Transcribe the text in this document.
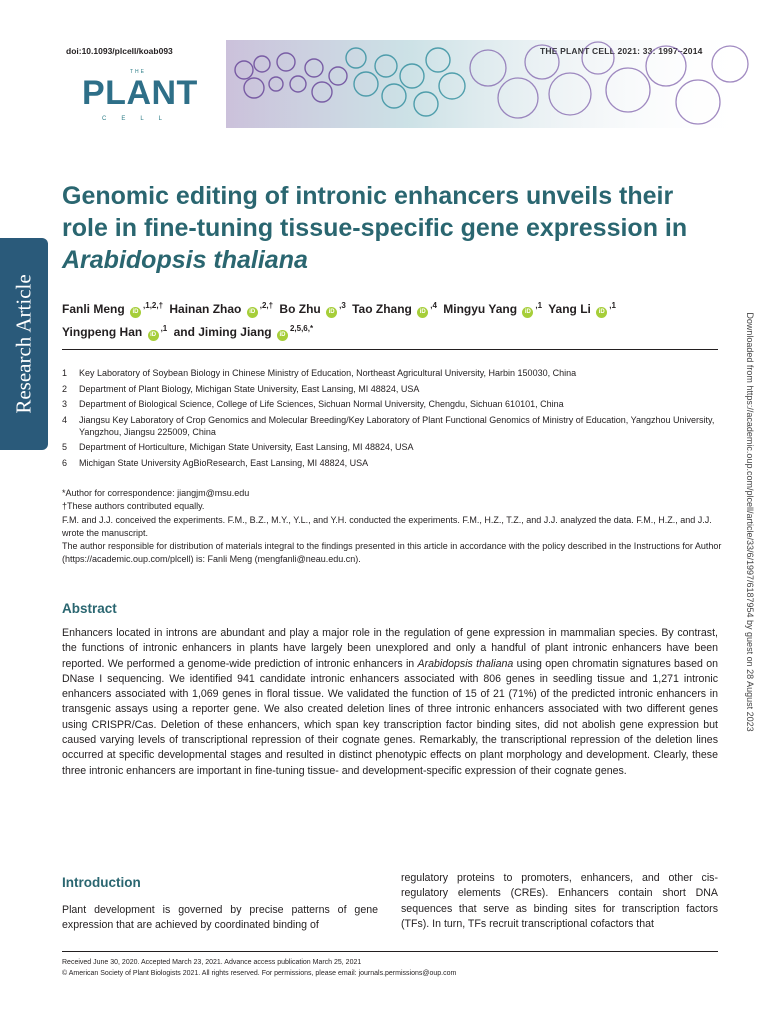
doi:10.1093/plcell/koab093	THE PLANT CELL 2021: 33: 1997–2014
THE
PLANT
CELL
Research Article	Downloaded from https://academic.oup.com/plcell/article/33/6/1997/6187954 by guest on 28 August 2023
Genomic editing of intronic enhancers unveils their
role in fine-tuning tissue-specific gene expression in
Arabidopsis thaliana
Fanli Meng $iD^{,1,2,\dagger}$ Hainan Zhao $iD^{,2,\dagger}$ Bo Zhu $iD^{,3}$ Tao Zhang $iD^{,4}$ Mingyu Yang $iD^{,1}$ Yang Li $iD^{,1}$
Yingpeng Han $iD^{,1}$ and Jiming Jiang $iD^{2,5,6,*}$
1	Key Laboratory of Soybean Biology in Chinese Ministry of Education, Northeast Agricultural University, Harbin 150030, China
2	Department of Plant Biology, Michigan State University, East Lansing, MI 48824, USA
3	Department of Biological Science, College of Life Sciences, Sichuan Normal University, Chengdu, Sichuan 610101, China
4	Jiangsu Key Laboratory of Crop Genomics and Molecular Breeding/Key Laboratory of Plant Functional Genomics of Ministry of Education, Yangzhou University, Yangzhou, Jiangsu 225009, China
5	Department of Horticulture, Michigan State University, East Lansing, MI 48824, USA
6	Michigan State University AgBioResearch, East Lansing, MI 48824, USA

*Author for correspondence: jiangjm@msu.edu

†These authors contributed equally.

F.M. and J.J. conceived the experiments. F.M., B.Z., M.Y., Y.L., and Y.H. conducted the experiments. F.M., H.Z., T.Z., and J.J. analyzed the data. F.M., H.Z., and J.J. wrote the manuscript.

The author responsible for distribution of materials integral to the findings presented in this article in accordance with the policy described in the Instructions for Author (https://academic.oup.com/plcell) is: Fanli Meng (mengfanli@neau.edu.cn).

Abstract

Enhancers located in introns are abundant and play a major role in the regulation of gene expression in mammalian species. By contrast, the functions of intronic enhancers in plants have largely been unexplored and only a handful of plant intronic enhancers have been reported. We performed a genome-wide prediction of intronic enhancers in Arabidopsis thaliana using open chromatin signatures based on DNase I sequencing. We identified 941 candidate intronic enhancers associated with 806 genes in seedling tissue and 1,271 intronic enhancers associated with 1,069 genes in floral tissue. We validated the function of 15 of 21 (71%) of the predicted intronic enhancers in transgenic assays using a reporter gene. We also created deletion lines of three intronic enhancers associated with two different genes using CRISPR/Cas. Deletion of these enhancers, which span key transcription factor binding sites, did not abolish gene expression but caused varying levels of transcriptional repression of their cognate genes. Remarkably, the transcriptional repression of the deletion lines occurred at specific developmental stages and resulted in distinct phenotypic effects on plant morphology and development. Clearly, these three intronic enhancers are important in fine-tuning tissue- and development-specific expression of their cognate genes.

Introduction

Plant development is governed by precise patterns of gene expression that are achieved by coordinated binding of

regulatory proteins to promoters, enhancers, and other cis-regulatory elements (CREs). Enhancers contain short DNA sequences that serve as binding sites for transcription factors (TFs). In turn, TFs recruit transcriptional cofactors that

Received June 30, 2020. Accepted March 23, 2021. Advance access publication March 25, 2021

© American Society of Plant Biologists 2021. All rights reserved. For permissions, please email: journals.permissions@oup.com
